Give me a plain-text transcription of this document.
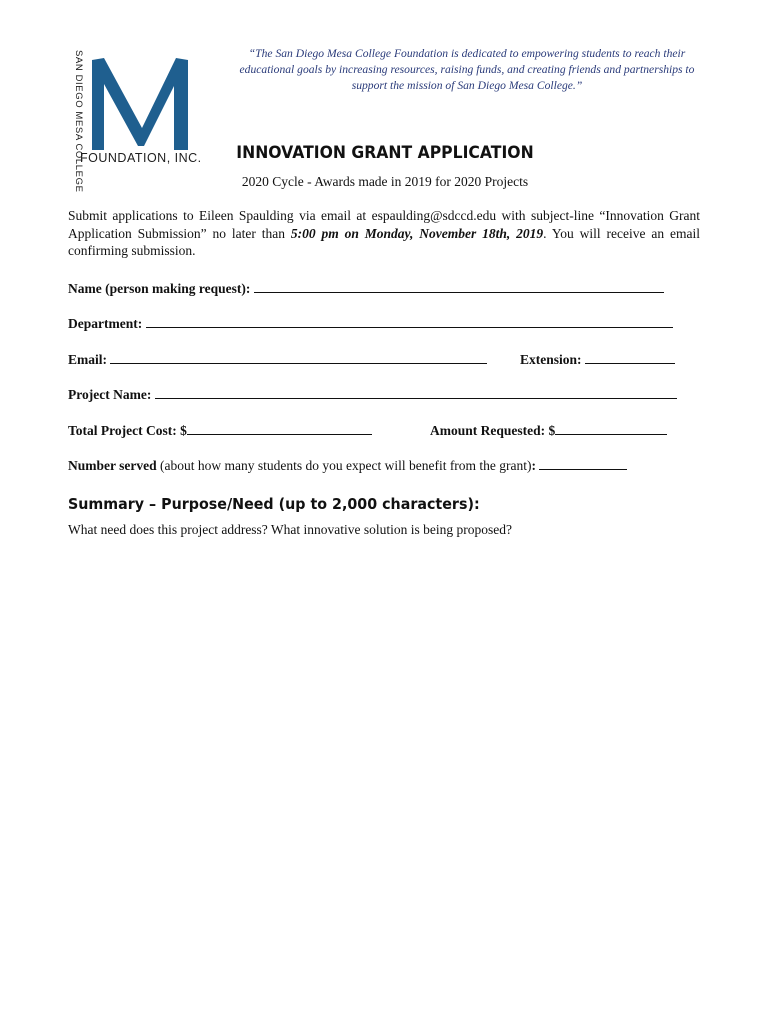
SAN DIEGO MESA COLLEGE
FOUNDATION, INC.
“The San Diego Mesa College Foundation is dedicated to empowering students to reach their educational goals by increasing resources, raising funds, and creating friends and partnerships to support the mission of San Diego Mesa College.”
INNOVATION GRANT APPLICATION
2020 Cycle - Awards made in 2019 for 2020 Projects
Submit applications to Eileen Spaulding via email at espaulding@sdccd.edu with subject-line “Innovation Grant Application Submission” no later than 5:00 pm on Monday, November 18th, 2019. You will receive an email confirming submission.
Name (person making request):
Department:
Email:	Extension:
Project Name:
Total Project Cost: $	Amount Requested: $
Number served (about how many students do you expect will benefit from the grant):
Summary – Purpose/Need (up to 2,000 characters):
What need does this project address? What innovative solution is being proposed?
